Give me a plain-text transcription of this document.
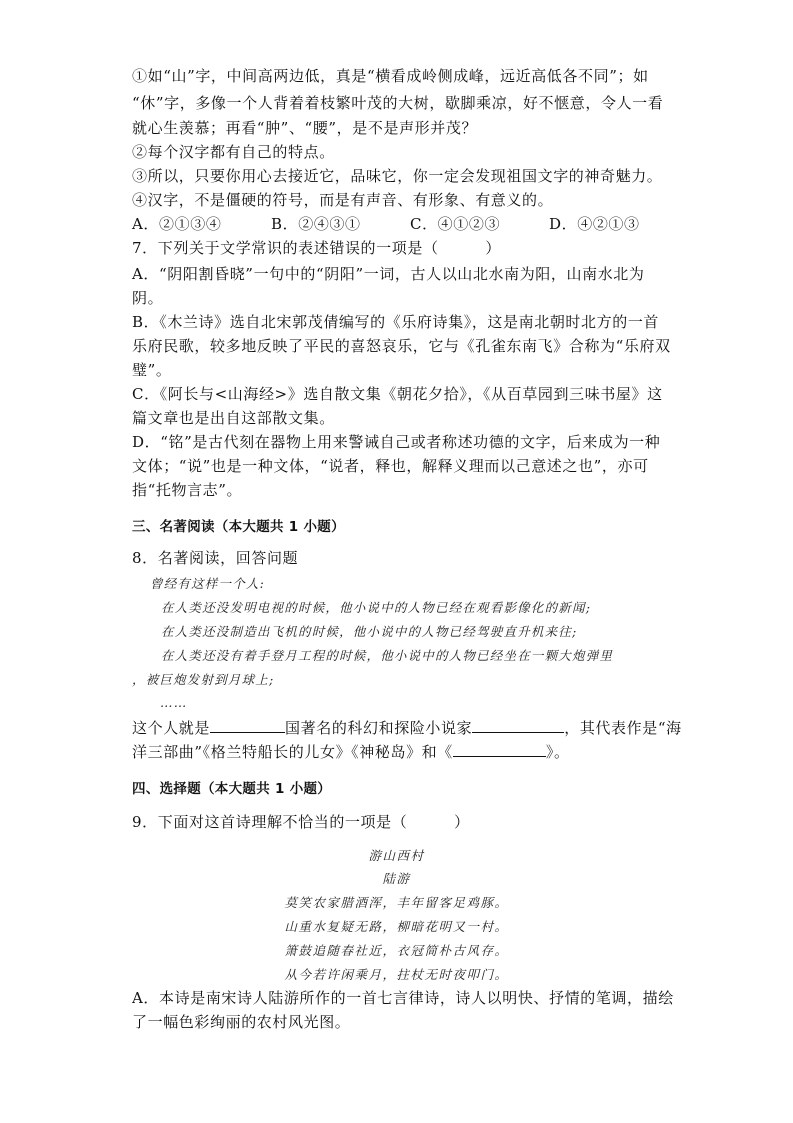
①如“山”字，中间高两边低，真是“横看成岭侧成峰，远近高低各不同”；如
“休”字，多像一个人背着着枝繁叶茂的大树，歇脚乘凉，好不惬意，令人一看
就心生羡慕；再看“肿”、“腰”，是不是声形并茂？
②每个汉字都有自己的特点。
③所以，只要你用心去接近它，品味它，你一定会发现祖国文字的神奇魅力。
④汉字，不是僵硬的符号，而是有声音、有形象、有意义的。
A．②①③④	B．②④③①	C．④①②③	D．④②①③
7．下列关于文学常识的表述错误的一项是（　　　）
A．“阴阳割昏晓”一句中的“阴阳”一词，古人以山北水南为阳，山南水北为
阴。
B．《木兰诗》选自北宋郭茂倩编写的《乐府诗集》，这是南北朝时北方的一首
乐府民歌，较多地反映了平民的喜怒哀乐，它与《孔雀东南飞》合称为“乐府双
璧”。
C．《阿长与<山海经>》选自散文集《朝花夕拾》，《从百草园到三味书屋》这
篇文章也是出自这部散文集。
D．“铭”是古代刻在器物上用来警诫自己或者称述功德的文字，后来成为一种
文体；“说”也是一种文体，“说者，释也，解释义理而以己意述之也”，亦可
指“托物言志”。
三、名著阅读（本大题共 1 小题）
8．名著阅读，回答问题
曾经有这样一个人:
在人类还没发明电视的时候，他小说中的人物已经在观看影像化的新闻;
在人类还没制造出飞机的时候，他小说中的人物已经驾驶直升机来往;
在人类还没有着手登月工程的时候，他小说中的人物已经坐在一颗大炮弹里
，被巨炮发射到月球上;
……
这个人就是	国著名的科幻和探险小说家	，其代表作是“海
洋三部曲”《格兰特船长的儿女》《神秘岛》和《	》。
四、选择题（本大题共 1 小题）
9．下面对这首诗理解不恰当的一项是（　　　）
游山西村
陆游
莫笑农家腊酒浑，丰年留客足鸡豚。
山重水复疑无路，柳暗花明又一村。
箫鼓追随春社近，衣冠简朴古风存。
从今若许闲乘月，拄杖无时夜叩门。
A．本诗是南宋诗人陆游所作的一首七言律诗，诗人以明快、抒情的笔调，描绘
了一幅色彩绚丽的农村风光图。
